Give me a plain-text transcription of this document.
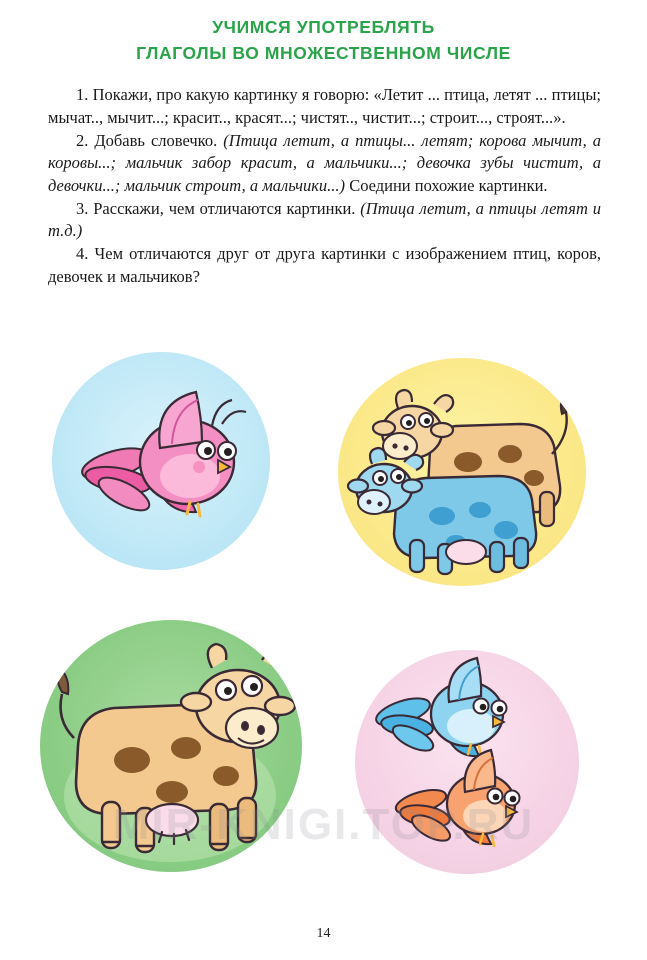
УЧИМСЯ УПОТРЕБЛЯТЬ
ГЛАГОЛЫ ВО МНОЖЕСТВЕННОМ ЧИСЛЕ

1. Покажи, про какую картинку я говорю: «Летит ... птица, летят ... птицы; мычат.., мычит...; красит.., красят...; чистят.., чистит...; строит..., строят...».

2. Добавь словечко. (Птица летит, а птицы... летят; корова мычит, а коровы...; мальчик забор красит, а мальчики...; девочка зубы чистит, а девочки...; мальчик строит, а мальчики...) Соедини похожие картинки.

3. Расскажи, чем отличаются картинки. (Птица летит, а птицы летят и т.д.)

4. Чем отличаются друг от друга картинки с изображением птиц, коров, девочек и мальчиков?

MIR-KNIGI.TOP.RU
14
